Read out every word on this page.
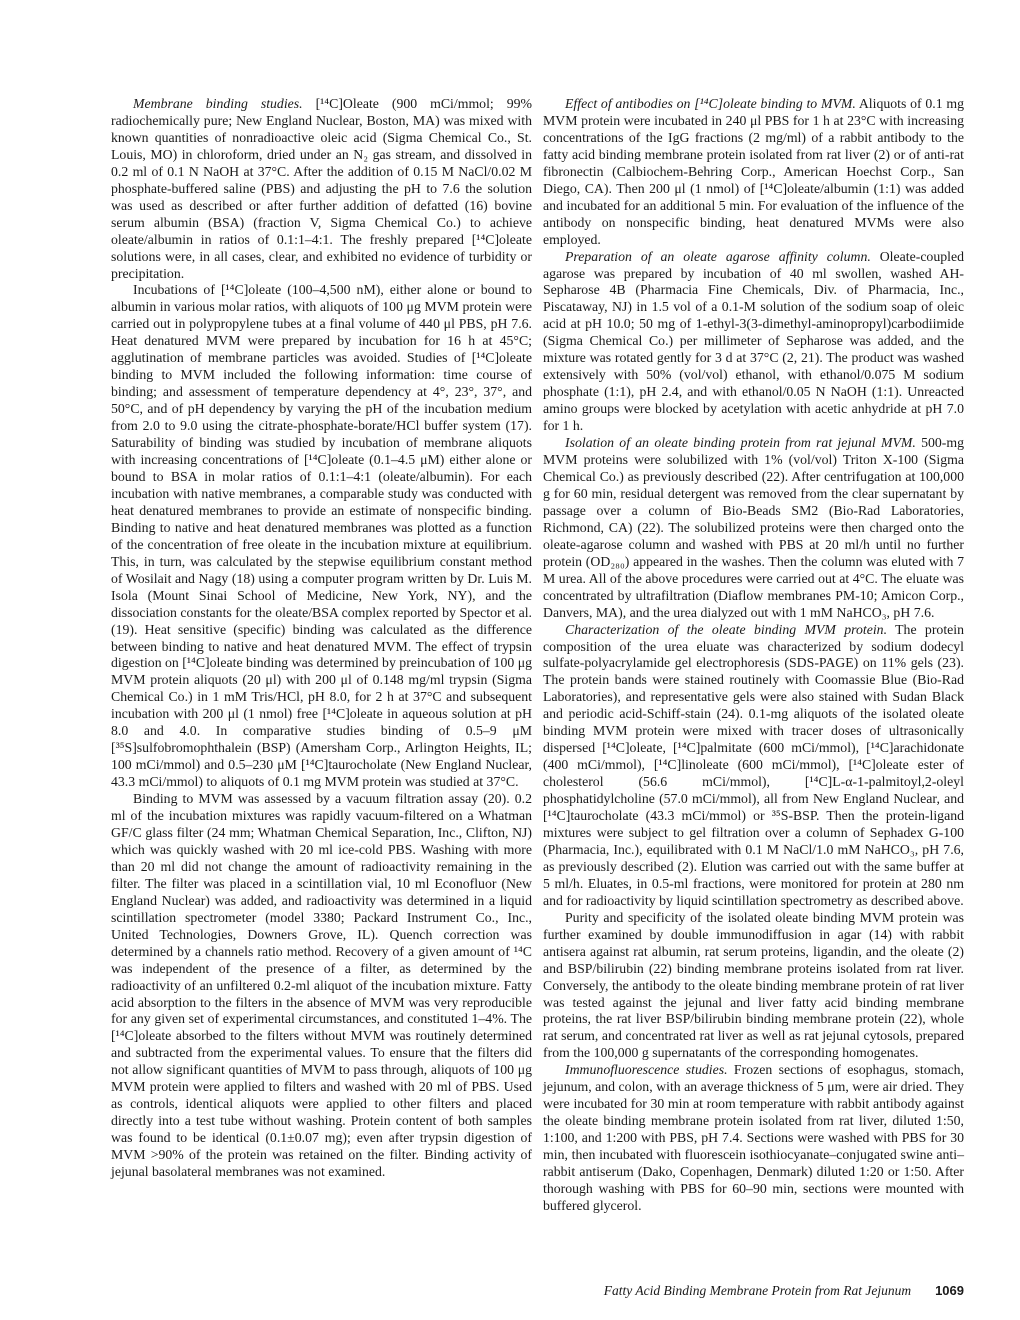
Membrane binding studies. [¹⁴C]Oleate (900 mCi/mmol; 99% radiochemically pure; New England Nuclear, Boston, MA) was mixed with known quantities of nonradioactive oleic acid (Sigma Chemical Co., St. Louis, MO) in chloroform, dried under an N₂ gas stream, and dissolved in 0.2 ml of 0.1 N NaOH at 37°C. After the addition of 0.15 M NaCl/0.02 M phosphate-buffered saline (PBS) and adjusting the pH to 7.6 the solution was used as described or after further addition of defatted (16) bovine serum albumin (BSA) (fraction V, Sigma Chemical Co.) to achieve oleate/albumin in ratios of 0.1:1–4:1. The freshly prepared [¹⁴C]oleate solutions were, in all cases, clear, and exhibited no evidence of turbidity or precipitation.

Incubations of [¹⁴C]oleate (100–4,500 nM), either alone or bound to albumin in various molar ratios, with aliquots of 100 μg MVM protein were carried out in polypropylene tubes at a final volume of 440 μl PBS, pH 7.6. Heat denatured MVM were prepared by incubation for 16 h at 45°C; agglutination of membrane particles was avoided. Studies of [¹⁴C]oleate binding to MVM included the following information: time course of binding; and assessment of temperature dependency at 4°, 23°, 37°, and 50°C, and of pH dependency by varying the pH of the incubation medium from 2.0 to 9.0 using the citrate-phosphate-borate/HCl buffer system (17). Saturability of binding was studied by incubation of membrane aliquots with increasing concentrations of [¹⁴C]oleate (0.1–4.5 μM) either alone or bound to BSA in molar ratios of 0.1:1–4:1 (oleate/albumin). For each incubation with native membranes, a comparable study was conducted with heat denatured membranes to provide an estimate of nonspecific binding. Binding to native and heat denatured membranes was plotted as a function of the concentration of free oleate in the incubation mixture at equilibrium. This, in turn, was calculated by the stepwise equilibrium constant method of Wosilait and Nagy (18) using a computer program written by Dr. Luis M. Isola (Mount Sinai School of Medicine, New York, NY), and the dissociation constants for the oleate/BSA complex reported by Spector et al. (19). Heat sensitive (specific) binding was calculated as the difference between binding to native and heat denatured MVM. The effect of trypsin digestion on [¹⁴C]oleate binding was determined by preincubation of 100 μg MVM protein aliquots (20 μl) with 200 μl of 0.148 mg/ml trypsin (Sigma Chemical Co.) in 1 mM Tris/HCl, pH 8.0, for 2 h at 37°C and subsequent incubation with 200 μl (1 nmol) free [¹⁴C]oleate in aqueous solution at pH 8.0 and 4.0. In comparative studies binding of 0.5–9 μM [³⁵S]sulfobromophthalein (BSP) (Amersham Corp., Arlington Heights, IL; 100 mCi/mmol) and 0.5–230 μM [¹⁴C]taurocholate (New England Nuclear, 43.3 mCi/mmol) to aliquots of 0.1 mg MVM protein was studied at 37°C.

Binding to MVM was assessed by a vacuum filtration assay (20). 0.2 ml of the incubation mixtures was rapidly vacuum-filtered on a Whatman GF/C glass filter (24 mm; Whatman Chemical Separation, Inc., Clifton, NJ) which was quickly washed with 20 ml ice-cold PBS. Washing with more than 20 ml did not change the amount of radioactivity remaining in the filter. The filter was placed in a scintillation vial, 10 ml Econofluor (New England Nuclear) was added, and radioactivity was determined in a liquid scintillation spectrometer (model 3380; Packard Instrument Co., Inc., United Technologies, Downers Grove, IL). Quench correction was determined by a channels ratio method. Recovery of a given amount of ¹⁴C was independent of the presence of a filter, as determined by the radioactivity of an unfiltered 0.2-ml aliquot of the incubation mixture. Fatty acid absorption to the filters in the absence of MVM was very reproducible for any given set of experimental circumstances, and constituted 1–4%. The [¹⁴C]oleate absorbed to the filters without MVM was routinely determined and subtracted from the experimental values. To ensure that the filters did not allow significant quantities of MVM to pass through, aliquots of 100 μg MVM protein were applied to filters and washed with 20 ml of PBS. Used as controls, identical aliquots were applied to other filters and placed directly into a test tube without washing. Protein content of both samples was found to be identical (0.1±0.07 mg); even after trypsin digestion of MVM >90% of the protein was retained on the filter. Binding activity of jejunal basolateral membranes was not examined.

Effect of antibodies on [¹⁴C]oleate binding to MVM. Aliquots of 0.1 mg MVM protein were incubated in 240 μl PBS for 1 h at 23°C with increasing concentrations of the IgG fractions (2 mg/ml) of a rabbit antibody to the fatty acid binding membrane protein isolated from rat liver (2) or of anti-rat fibronectin (Calbiochem-Behring Corp., American Hoechst Corp., San Diego, CA). Then 200 μl (1 nmol) of [¹⁴C]oleate/albumin (1:1) was added and incubated for an additional 5 min. For evaluation of the influence of the antibody on nonspecific binding, heat denatured MVMs were also employed.

Preparation of an oleate agarose affinity column. Oleate-coupled agarose was prepared by incubation of 40 ml swollen, washed AH-Sepharose 4B (Pharmacia Fine Chemicals, Div. of Pharmacia, Inc., Piscataway, NJ) in 1.5 vol of a 0.1-M solution of the sodium soap of oleic acid at pH 10.0; 50 mg of 1-ethyl-3(3-dimethyl-aminopropyl)carbodiimide (Sigma Chemical Co.) per millimeter of Sepharose was added, and the mixture was rotated gently for 3 d at 37°C (2, 21). The product was washed extensively with 50% (vol/vol) ethanol, with ethanol/0.075 M sodium phosphate (1:1), pH 2.4, and with ethanol/0.05 N NaOH (1:1). Unreacted amino groups were blocked by acetylation with acetic anhydride at pH 7.0 for 1 h.

Isolation of an oleate binding protein from rat jejunal MVM. 500-mg MVM proteins were solubilized with 1% (vol/vol) Triton X-100 (Sigma Chemical Co.) as previously described (22). After centrifugation at 100,000 g for 60 min, residual detergent was removed from the clear supernatant by passage over a column of Bio-Beads SM2 (Bio-Rad Laboratories, Richmond, CA) (22). The solubilized proteins were then charged onto the oleate-agarose column and washed with PBS at 20 ml/h until no further protein (OD₂₈₀) appeared in the washes. Then the column was eluted with 7 M urea. All of the above procedures were carried out at 4°C. The eluate was concentrated by ultrafiltration (Diaflow membranes PM-10; Amicon Corp., Danvers, MA), and the urea dialyzed out with 1 mM NaHCO₃, pH 7.6.

Characterization of the oleate binding MVM protein. The protein composition of the urea eluate was characterized by sodium dodecyl sulfate-polyacrylamide gel electrophoresis (SDS-PAGE) on 11% gels (23). The protein bands were stained routinely with Coomassie Blue (Bio-Rad Laboratories), and representative gels were also stained with Sudan Black and periodic acid-Schiff-stain (24). 0.1-mg aliquots of the isolated oleate binding MVM protein were mixed with tracer doses of ultrasonically dispersed [¹⁴C]oleate, [¹⁴C]palmitate (600 mCi/mmol), [¹⁴C]arachidonate (400 mCi/mmol), [¹⁴C]linoleate (600 mCi/mmol), [¹⁴C]oleate ester of cholesterol (56.6 mCi/mmol), [¹⁴C]L-α-1-palmitoyl,2-oleyl phosphatidylcholine (57.0 mCi/mmol), all from New England Nuclear, and [¹⁴C]taurocholate (43.3 mCi/mmol) or ³⁵S-BSP. Then the protein-ligand mixtures were subject to gel filtration over a column of Sephadex G-100 (Pharmacia, Inc.), equilibrated with 0.1 M NaCl/1.0 mM NaHCO₃, pH 7.6, as previously described (2). Elution was carried out with the same buffer at 5 ml/h. Eluates, in 0.5-ml fractions, were monitored for protein at 280 nm and for radioactivity by liquid scintillation spectrometry as described above.

Purity and specificity of the isolated oleate binding MVM protein was further examined by double immunodiffusion in agar (14) with rabbit antisera against rat albumin, rat serum proteins, ligandin, and the oleate (2) and BSP/bilirubin (22) binding membrane proteins isolated from rat liver. Conversely, the antibody to the oleate binding membrane protein of rat liver was tested against the jejunal and liver fatty acid binding membrane proteins, the rat liver BSP/bilirubin binding membrane protein (22), whole rat serum, and concentrated rat liver as well as rat jejunal cytosols, prepared from the 100,000 g supernatants of the corresponding homogenates.

Immunofluorescence studies. Frozen sections of esophagus, stomach, jejunum, and colon, with an average thickness of 5 μm, were air dried. They were incubated for 30 min at room temperature with rabbit antibody against the oleate binding membrane protein isolated from rat liver, diluted 1:50, 1:100, and 1:200 with PBS, pH 7.4. Sections were washed with PBS for 30 min, then incubated with fluorescein isothiocyanate–conjugated swine anti–rabbit antiserum (Dako, Copenhagen, Denmark) diluted 1:20 or 1:50. After thorough washing with PBS for 60–90 min, sections were mounted with buffered glycerol.

Fatty Acid Binding Membrane Protein from Rat Jejunum 1069
